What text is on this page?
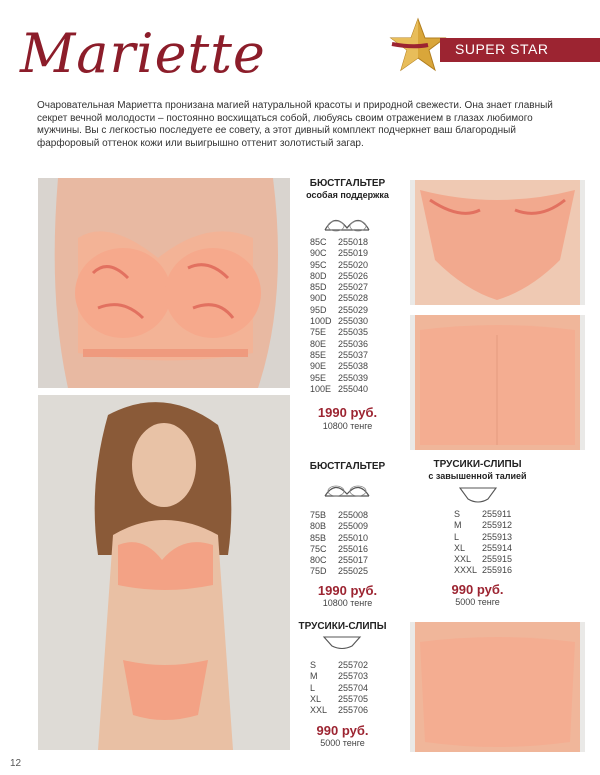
Mariette	SUPER STAR
Очаровательная Мариетта пронизана магией натуральной красоты и природной свежести. Она знает главный секрет вечной молодости – постоянно восхищаться собой, любуясь своим отражением в глазах любимого мужчины. Вы с легкостью последуете ее совету, а этот дивный комплект подчеркнет ваш благородный фарфоровый оттенок кожи или выигрышно оттенит золотистый загар.
БЮСТГАЛЬТЕР
особая поддержка
85C 255018
90C 255019
95C 255020
80D 255026
85D 255027
90D 255028
95D 255029
100D 255030
75E 255035
80E 255036
85E 255037
90E 255038
95E 255039
100E 255040
1990 руб.
10800 тенге
БЮСТГАЛЬТЕР
75B 255008
80B 255009
85B 255010
75C 255016
80C 255017
75D 255025
1990 руб.
10800 тенге
ТРУСИКИ-СЛИПЫ
с завышенной талией
S 255911
M 255912
L	255913
XL 255914
XXL 255915
XXXL 255916
990 руб.
5000 тенге
ТРУСИКИ-СЛИПЫ
S 255702
M 255703
L	255704
XL 255705
XXL 255706
990 руб.
5000 тенге
12
